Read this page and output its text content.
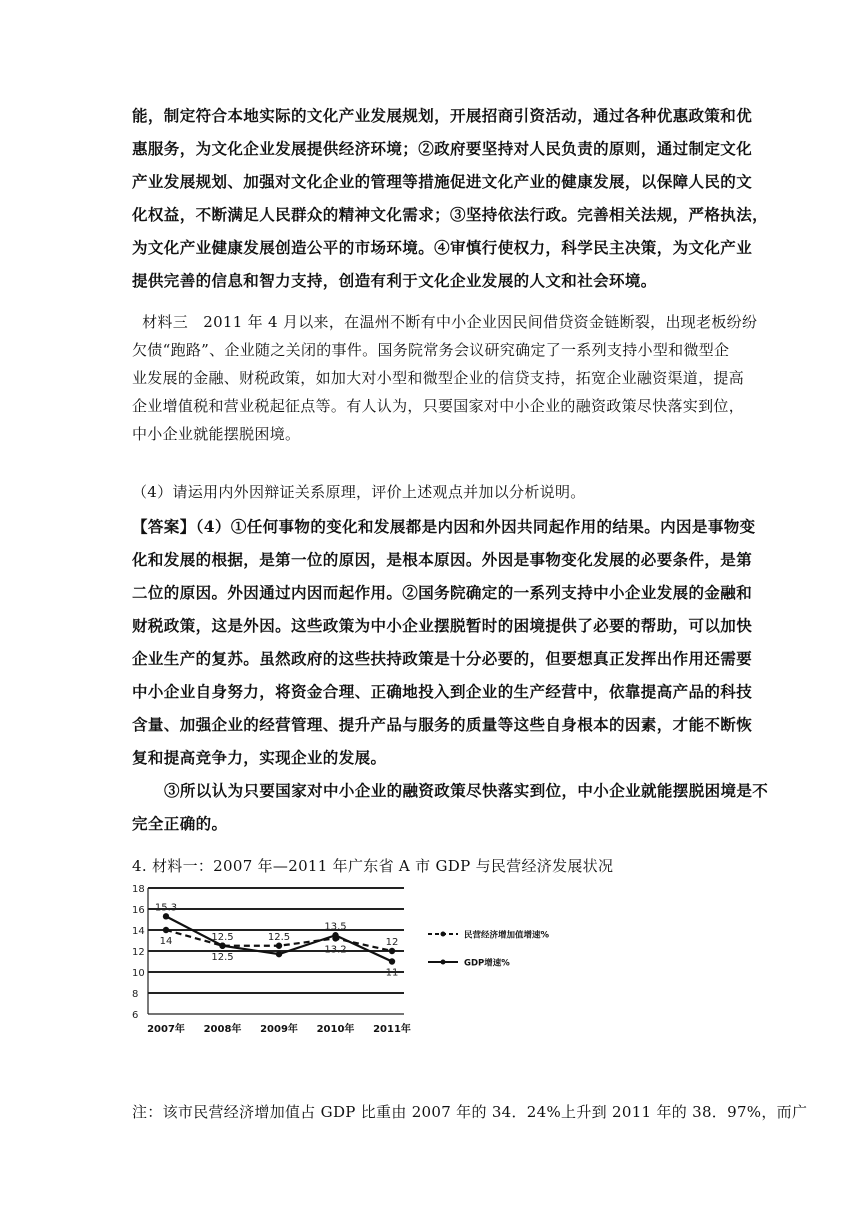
能，制定符合本地实际的文化产业发展规划，开展招商引资活动，通过各种优惠政策和优
惠服务，为文化企业发展提供经济环境；②政府要坚持对人民负责的原则，通过制定文化
产业发展规划、加强对文化企业的管理等措施促进文化产业的健康发展，以保障人民的文
化权益，不断满足人民群众的精神文化需求；③坚持依法行政。完善相关法规，严格执法，
为文化产业健康发展创造公平的市场环境。④审慎行使权力，科学民主决策，为文化产业
提供完善的信息和智力支持，创造有利于文化企业发展的人文和社会环境。
材料三   2011 年 4 月以来，在温州不断有中小企业因民间借贷资金链断裂，出现老板纷纷
欠债“跑路”、企业随之关闭的事件。国务院常务会议研究确定了一系列支持小型和微型企
业发展的金融、财税政策，如加大对小型和微型企业的信贷支持，拓宽企业融资渠道，提高
企业增值税和营业税起征点等。有人认为，只要国家对中小企业的融资政策尽快落实到位，
中小企业就能摆脱困境。
（4）请运用内外因辩证关系原理，评价上述观点并加以分析说明。
【答案】（4）①任何事物的变化和发展都是内因和外因共同起作用的结果。内因是事物变
化和发展的根据，是第一位的原因，是根本原因。外因是事物变化发展的必要条件，是第
二位的原因。外因通过内因而起作用。②国务院确定的一系列支持中小企业发展的金融和
财税政策，这是外因。这些政策为中小企业摆脱暂时的困境提供了必要的帮助，可以加快
企业生产的复苏。虽然政府的这些扶持政策是十分必要的，但要想真正发挥出作用还需要
中小企业自身努力，将资金合理、正确地投入到企业的生产经营中，依靠提高产品的科技
含量、加强企业的经营管理、提升产品与服务的质量等这些自身根本的因素，才能不断恢
复和提高竞争力，实现企业的发展。
③所以认为只要国家对中小企业的融资政策尽快落实到位，中小企业就能摆脱困境是不
完全正确的。
4. 材料一：2007 年—2011 年广东省 A 市 GDP 与民营经济发展状况
18
16
14
12
10
8
6
2007年 2008年 2009年 2010年 2011年
14	12.5	12.5
13.2
12
15.3
12.5
13.5
11
民营经济增加值增速%
GDP增速%
注：该市民营经济增加值占 GDP 比重由 2007 年的 34．24%上升到 2011 年的 38．97%，而广
